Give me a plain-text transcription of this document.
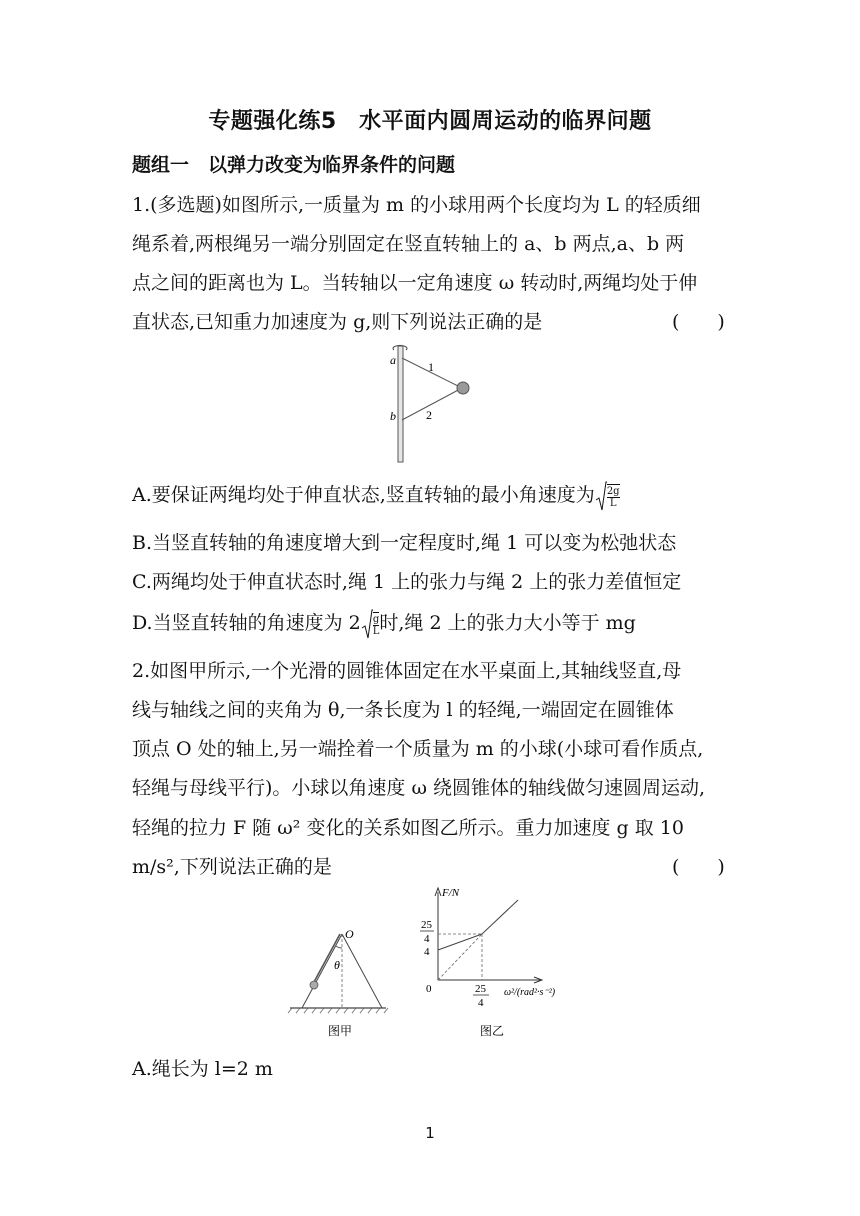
专题强化练5　水平面内圆周运动的临界问题
题组一　以弹力改变为临界条件的问题
1.(多选题)如图所示,一质量为 m 的小球用两个长度均为 L 的轻质细
绳系着,两根绳另一端分别固定在竖直转轴上的 a、b 两点,a、b 两
点之间的距离也为 L。当转轴以一定角速度 ω 转动时,两绳均处于伸
直状态,已知重力加速度为 g,则下列说法正确的是	(　　)
a
b
1
2
A.要保证两绳均处于伸直状态,竖直转轴的最小角速度为 $\frac{2g}{L}$
B.当竖直转轴的角速度增大到一定程度时,绳 1 可以变为松弛状态
C.两绳均处于伸直状态时,绳 1 上的张力与绳 2 上的张力差值恒定
D.当竖直转轴的角速度为 $2 \frac{g}{L}$ 时,绳 2 上的张力大小等于 mg
2.如图甲所示,一个光滑的圆锥体固定在水平桌面上,其轴线竖直,母
线与轴线之间的夹角为 θ,一条长度为 l 的轻绳,一端固定在圆锥体
顶点 O 处的轴上,另一端拴着一个质量为 m 的小球(小球可看作质点,
轻绳与母线平行)。小球以角速度 ω 绕圆锥体的轴线做匀速圆周运动,
轻绳的拉力 F 随 ω² 变化的关系如图乙所示。重力加速度 g 取 10
m/s²,下列说法正确的是	(　　)
O
θ
图甲
F/N
25
4
4
0	25
4
ω²/(rad²·s⁻²)
图乙
A.绳长为 l=2 m
1
